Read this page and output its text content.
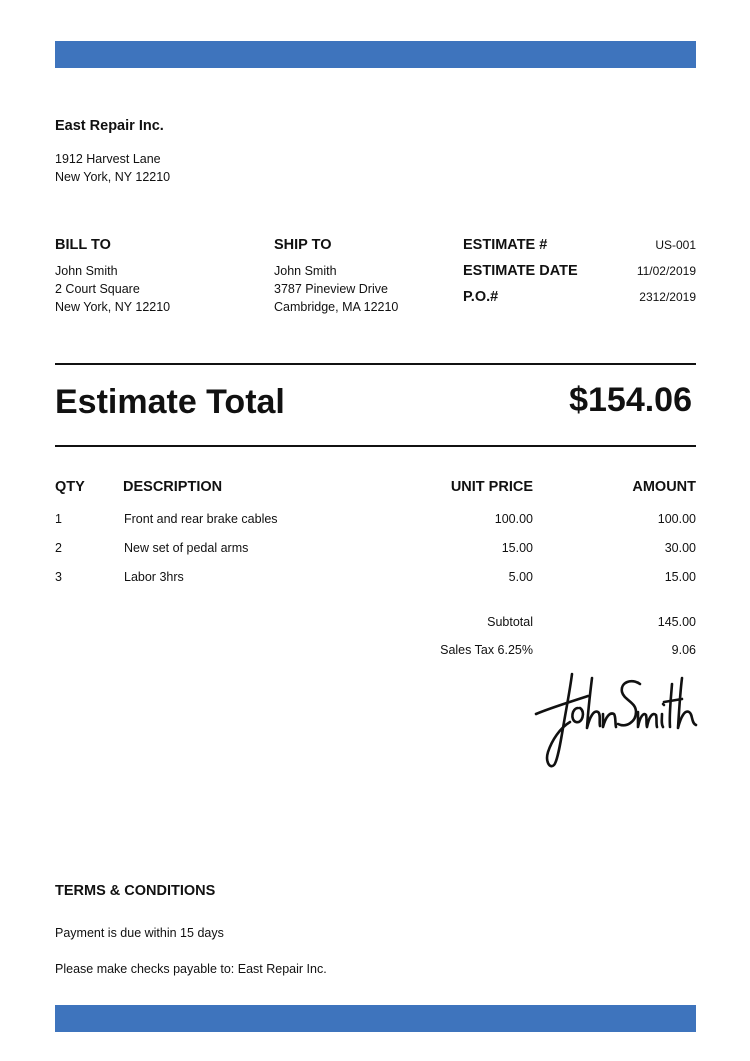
East Repair Inc.
1912 Harvest Lane
New York, NY 12210
BILL TO
John Smith
2 Court Square
New York, NY 12210
SHIP TO
John Smith
3787 Pineview Drive
Cambridge, MA 12210
ESTIMATE #	US-001
ESTIMATE DATE	11/02/2019
P.O.#	2312/2019
Estimate Total	$154.06
QTY	DESCRIPTION	UNIT PRICE	AMOUNT
1	Front and rear brake cables	100.00	100.00
2	New set of pedal arms	15.00	30.00
3	Labor 3hrs	5.00	15.00
Subtotal	145.00
Sales Tax 6.25%	9.06
TERMS & CONDITIONS
Payment is due within 15 days
Please make checks payable to: East Repair Inc.
